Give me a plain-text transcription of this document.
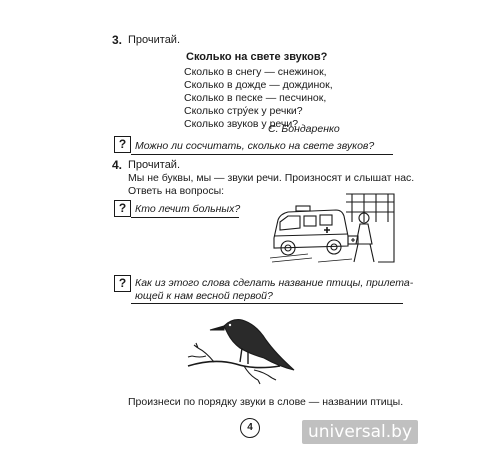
3. Прочитай.
Сколько на свете звуков?
Сколько в снегу — снежинок,
Сколько в дожде — дождинок,
Сколько в песке — песчинок,
Сколько стру́ек у речки?
Сколько звуков у речи?
С. Бондаренко
? Можно ли сосчитать, сколько на свете звуков?
4. Прочитай.
Мы не буквы, мы — звуки речи. Произносят и слышат нас.
Ответь на вопросы:
? Кто лечит больных?
? Как из этого слова сделать название птицы, прилета-
ющей к нам весной первой?
Произнеси по порядку звуки в слове — названии птицы.
4	universal.by
